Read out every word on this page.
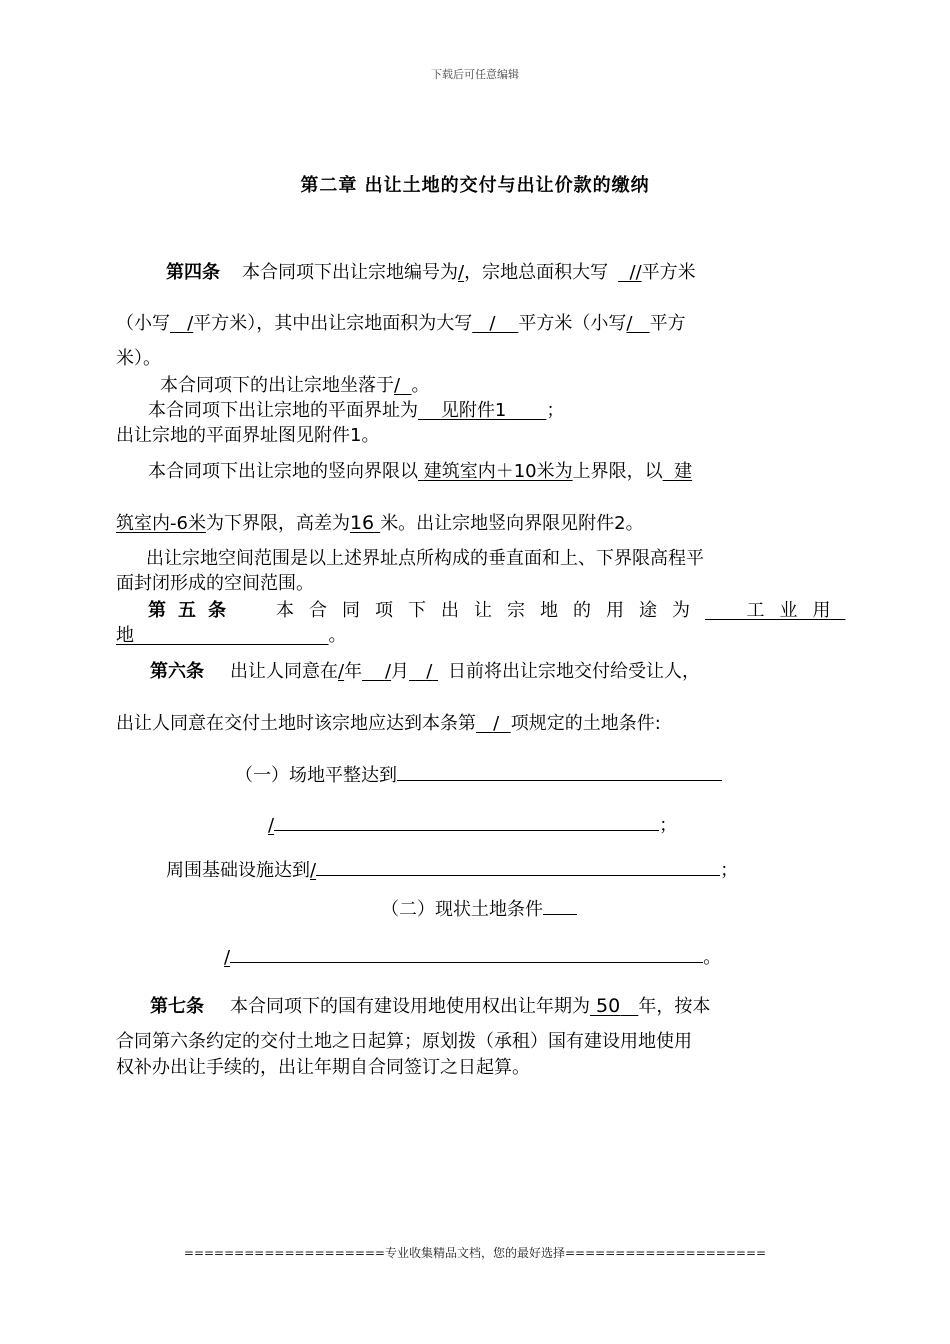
下载后可任意编辑
第二章 出让土地的交付与出让价款的缴纳
第四条 本合同项下出让宗地编号为/，宗地总面积大写 //平方米
（小写 /平方米），其中出让宗地面积为大写 / 平方米（小写/ 平方
米）。
本合同项下的出让宗地坐落于/ 。
本合同项下出让宗地的平面界址为 见附件1 ；
出让宗地的平面界址图见附件1。
本合同项下出让宗地的竖向界限以 建筑室内＋10米为上界限，以 建
筑室内-6米为下界限，高差为16 米。出让宗地竖向界限见附件2。
出让宗地空间范围是以上述界址点所构成的垂直面和上、下界限高程平
面封闭形成的空间范围。
第五条 本合同项下出让宗地的用途为 工业用
地	。
第六条 出让人同意在/年 /月 / 日前将出让宗地交付给受让人，
出让人同意在交付土地时该宗地应达到本条第 / 项规定的土地条件:
（一）场地平整达到
/	；
周围基础设施达到/	；
（二）现状土地条件
/	。
第七条 本合同项下的国有建设用地使用权出让年期为 50 年，按本
合同第六条约定的交付土地之日起算；原划拨（承租）国有建设用地使用
权补办出让手续的，出让年期自合同签订之日起算。
====================专业收集精品文档，您的最好选择====================
